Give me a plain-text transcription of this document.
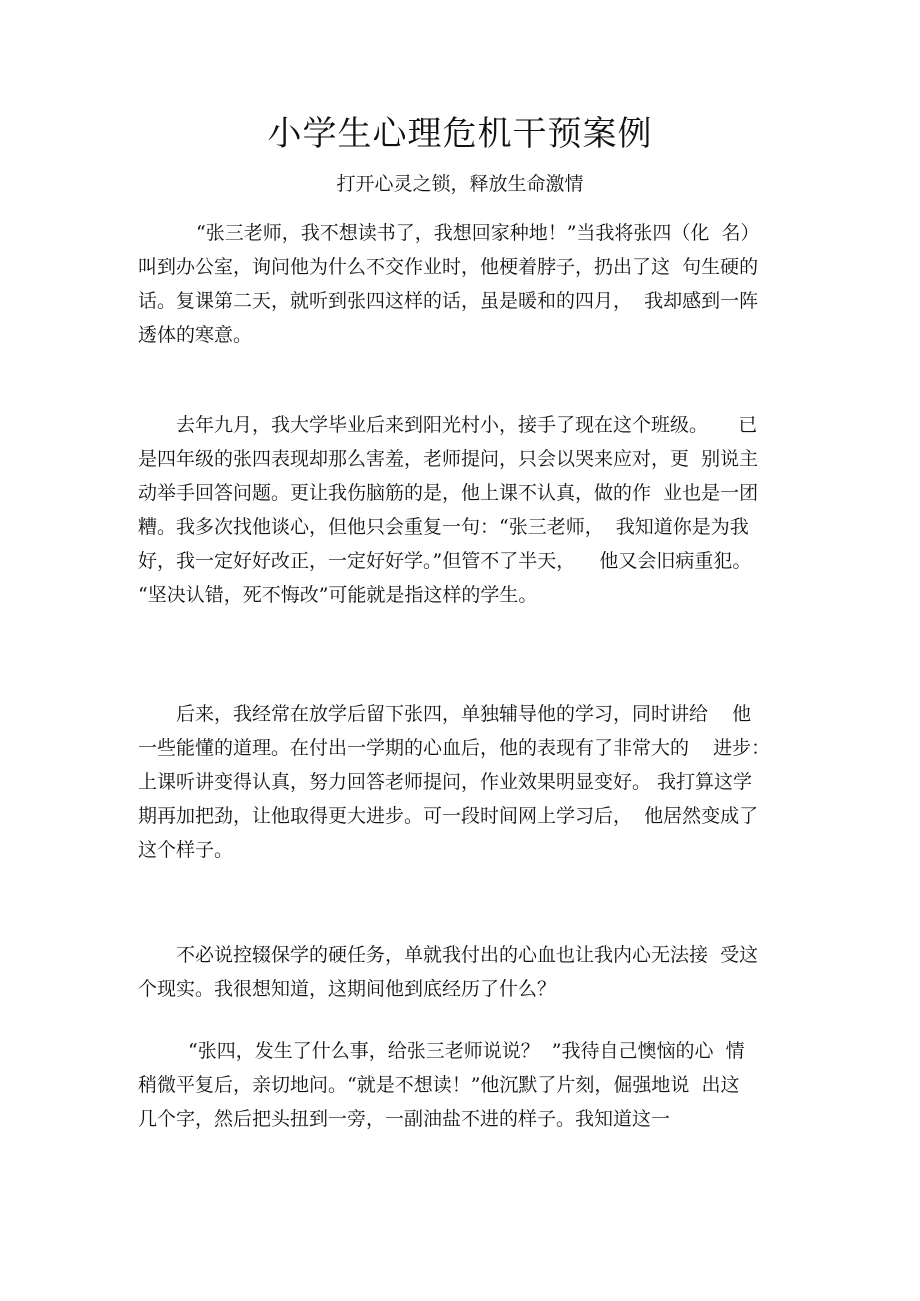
小学生心理危机干预案例
打开心灵之锁，释放生命激情
“张三老师，我不想读书了，我想回家种地！”当我将张四（化  名）
叫到办公室，询问他为什么不交作业时，他梗着脖子，扔出了这  句生硬的
话。复课第二天，就听到张四这样的话，虽是暖和的四月，  我却感到一阵
透体的寒意。
去年九月，我大学毕业后来到阳光村小，接手了现在这个班级。     已
是四年级的张四表现却那么害羞，老师提问，只会以哭来应对，更  别说主
动举手回答问题。更让我伤脑筋的是，他上课不认真，做的作  业也是一团
糟。我多次找他谈心，但他只会重复一句：“张三老师，  我知道你是为我
好，我一定好好改正，一定好好学。”但管不了半天，    他又会旧病重犯。
“坚决认错，死不悔改”可能就是指这样的学生。
后来，我经常在放学后留下张四，单独辅导他的学习，同时讲给    他
一些能懂的道理。在付出一学期的心血后，他的表现有了非常大的    进步：
上课听讲变得认真，努力回答老师提问，作业效果明显变好。 我打算这学
期再加把劲，让他取得更大进步。可一段时间网上学习后，  他居然变成了
这个样子。
不必说控辍保学的硬任务，单就我付出的心血也让我内心无法接  受这
个现实。我很想知道，这期间他到底经历了什么？
“张四，发生了什么事，给张三老师说说？  ”我待自己懊恼的心  情
稍微平复后，亲切地问。“就是不想读！”他沉默了片刻，倔强地说  出这
几个字，然后把头扭到一旁，一副油盐不进的样子。我知道这一
